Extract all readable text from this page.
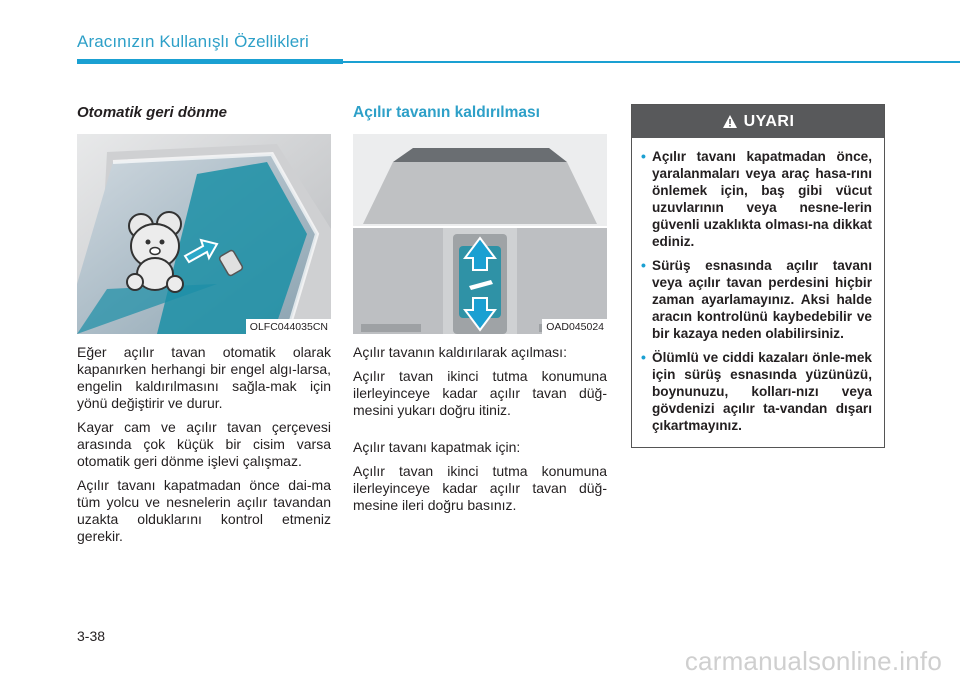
Aracınızın Kullanışlı Özellikleri
Otomatik geri dönme
OLFC044035CN

Eğer açılır tavan otomatik olarak kapanırken herhangi bir engel algı-larsa, engelin kaldırılmasını sağla-mak için yönü değiştirir ve durur.

Kayar cam ve açılır tavan çerçevesi arasında çok küçük bir cisim varsa otomatik geri dönme işlevi çalışmaz.

Açılır tavanı kapatmadan önce dai-ma tüm yolcu ve nesnelerin açılır tavandan uzakta olduklarını kontrol etmeniz gerekir.

Açılır tavanın kaldırılması
OAD045024

Açılır tavanın kaldırılarak açılması:

Açılır tavan ikinci tutma konumuna ilerleyinceye kadar açılır tavan düğ-mesini yukarı doğru itiniz.

Açılır tavanı kapatmak için:

Açılır tavan ikinci tutma konumuna ilerleyinceye kadar açılır tavan düğ-mesine ileri doğru basınız.

UYARI
• Açılır tavanı kapatmadan önce, yaralanmaları veya araç hasa-rını önlemek için, baş gibi vücut uzuvlarının veya nesne-lerin güvenli uzaklıkta olması-na dikkat ediniz.
• Sürüş esnasında açılır tavanı veya açılır tavan perdesini hiçbir zaman ayarlamayınız. Aksi halde aracın kontrolünü kaybedebilir ve bir kazaya neden olabilirsiniz.
• Ölümlü ve ciddi kazaları önle-mek için sürüş esnasında yüzünüzü, boynunuzu, kolları-nızı veya gövdenizi açılır ta-vandan dışarı çıkartmayınız.
3-38
carmanualsonline.info
